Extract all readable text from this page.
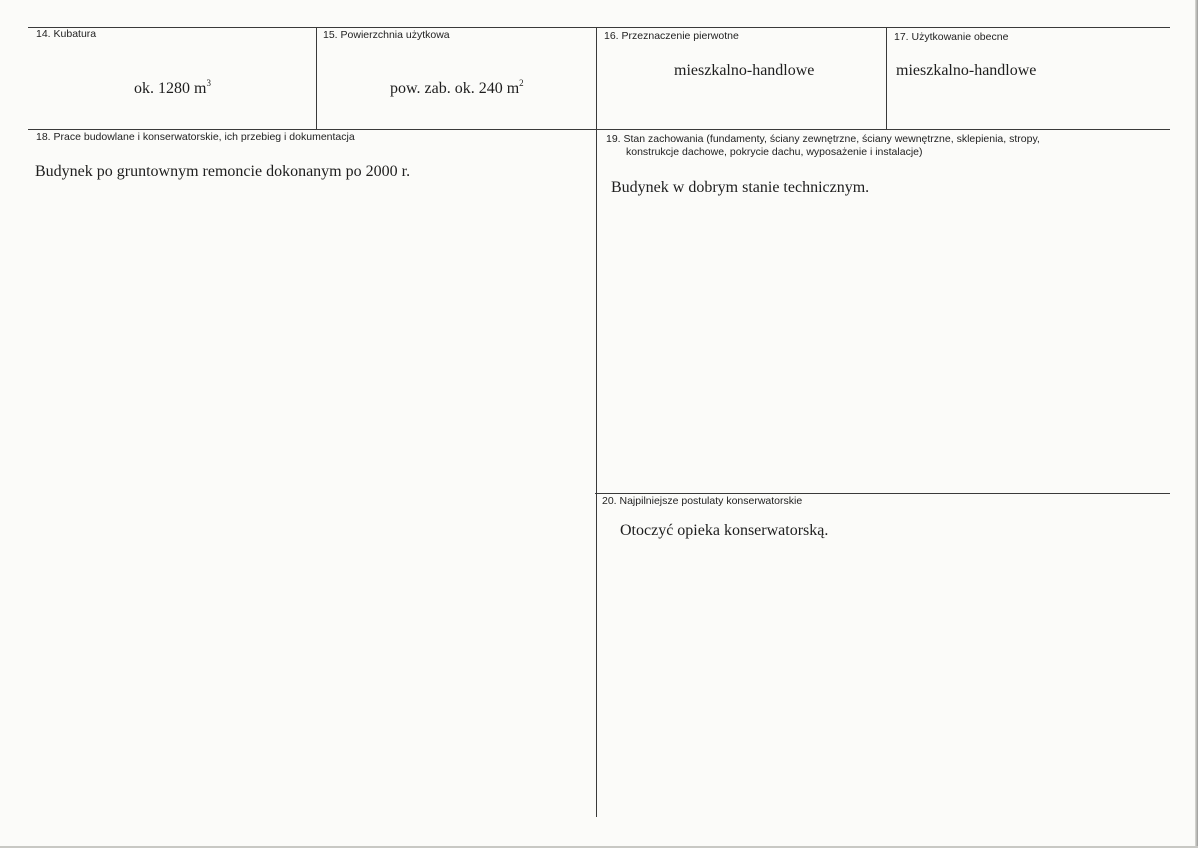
14. Kubatura
ok. 1280 $m^3$
15. Powierzchnia użytkowa
pow. zab. ok. 240 $m^2$
16. Przeznaczenie pierwotne
mieszkalno-handlowe
17. Użytkowanie obecne
mieszkalno-handlowe
18. Prace budowlane i konserwatorskie, ich przebieg i dokumentacja
Budynek po gruntownym remoncie dokonanym po 2000 r.
19. Stan zachowania (fundamenty, ściany zewnętrzne, ściany wewnętrzne, sklepienia, stropy,
konstrukcje dachowe, pokrycie dachu, wyposażenie i instalacje)
Budynek w dobrym stanie technicznym.
20. Najpilniejsze postulaty konserwatorskie
Otoczyć opieka konserwatorską.
